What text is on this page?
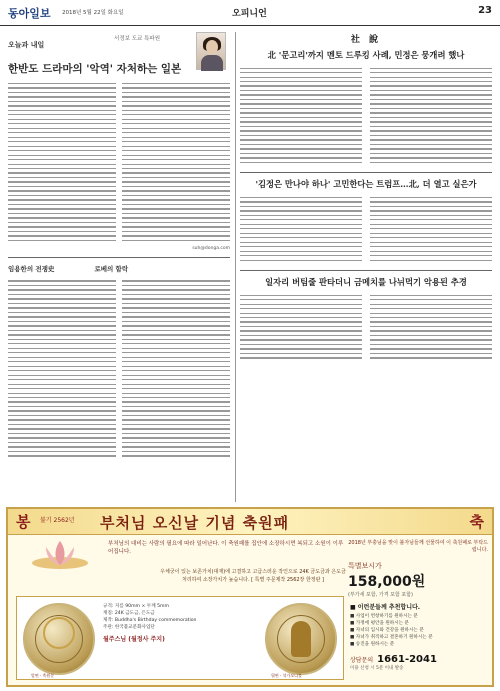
동아일보 2018년 5월 22일 화요일	오피니언	23
오늘과 내일
서정보 도쿄 특파원
한반도 드라마의 '악역' 자처하는 일본
suh@donga.com
임용한의 전쟁史	로베의 함락
社 說
北 '문고리'까지 멘토 드루킹 사례, 민정은 뭉개려 했나
'김정은 만나야 하나' 고민한다는 트럼프…北, 더 열고 실은가
일자리 버팀줄 판타더니 금메치를 나뉘먹기 악용된 추경
봉 불기 2562년 부처님 오신날 기념 축원패	축
부처님의 대비는 사람의 필요에 따라 일어난다. 이 축원패를 집안에 소장하시면 복되고 소원이 이루어집니다.
우체궁이 있는 보존가치(대재)에 고결하고 고급스러운 작인으로 24K 금도금과 은도금 처리하여 소장가치가 높습니다. [ 특별 주문제작 2562장 한정판 ]
2018년 부충님을 맞이 불자님들께 선물하여 이 축원패로 부탁드립니다.
특별보시가
158,000원
(부가세 포함, 가격 포함 포함)
앞면 · 축원문
규격: 지름 90mm × 두께 5mm
재질: 24K 금도금, 은도금
제작: Buddha's Birthday commemoration
주관: 한국불교문화사업단
월주스님 (월정사 주지)
뒷면 · 석가모니불
■ 이런분들께 추천합니다.
■ 사업이 번창하기를 원하시는 분
■ 가정에 평안을 원하시는 분
■ 자녀의 입시와 건강을 원하시는 분
■ 자녀가 취직하고 결혼하기 원하시는 분
■ 승진을 원하시는 분
상담문의 1661-2041
이용 신청 시 5분 이내 발송
